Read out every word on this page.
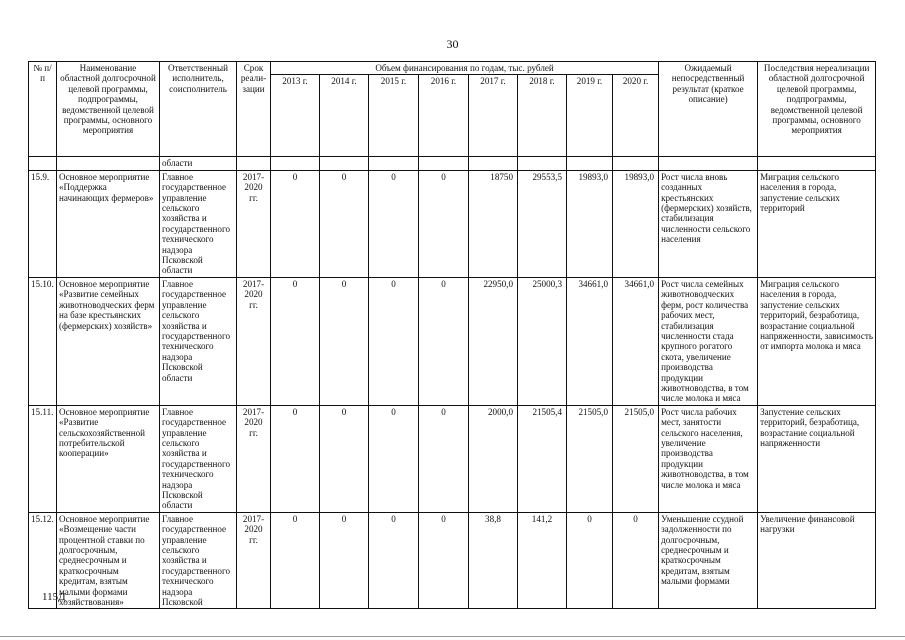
30
№ п/п	Наименование областной долгосрочной целевой программы, подпрограммы, ведомственной целевой программы, основного мероприятия	Ответственный исполнитель, соисполнитель	Срок реали-зации	Объем финансирования по годам, тыс. рублей								Ожидаемый непосредственный результат (краткое описание)	Последствия нереализации областной долгосрочной целевой программы, подпрограммы, ведомственной целевой программы, основного мероприятия
				2013 г.	2014 г.	2015 г.	2016 г.	2017 г.	2018 г.	2019 г.	2020 г.		
		области											
15.9.	Основное мероприятие «Поддержка начинающих фермеров»	Главное государственное управление сельского хозяйства и государственного технического надзора Псковской области	2017-2020 гг.	0	0	0	0	18750	29553,5	19893,0	19893,0	Рост числа вновь созданных крестьянских (фермерских) хозяйств, стабилизация численности сельского населения	Миграция сельского населения в города, запустение сельских территорий
15.10.	Основное мероприятие «Развитие семейных животноводческих ферм на базе крестьянских (фермерских) хозяйств»	Главное государственное управление сельского хозяйства и государственного технического надзора Псковской области	2017-2020 гг.	0	0	0	0	22950,0	25000,3	34661,0	34661,0	Рост числа семейных животноводческих ферм, рост количества рабочих мест, стабилизация численности стада крупного рогатого скота, увеличение производства продукции животноводства, в том числе молока и мяса	Миграция сельского населения в города, запустение сельских территорий, безработица, возрастание социальной напряженности, зависимость от импорта молока и мяса
15.11.	Основное мероприятие «Развитие сельскохозяйственной потребительской кооперации»	Главное государственное управление сельского хозяйства и государственного технического надзора Псковской области	2017-2020 гг.	0	0	0	0	2000,0	21505,4	21505,0	21505,0	Рост числа рабочих мест, занятости сельского населения, увеличение производства продукции животноводства, в том числе молока и мяса	Запустение сельских территорий, безработица, возрастание социальной напряженности
15.12.	Основное мероприятие «Возмещение части процентной ставки по долгосрочным, среднесрочным и краткосрочным кредитам, взятым малыми формами хозяйствования»	Главное государственное управление сельского хозяйства и государственного технического надзора Псковской	2017-2020 гг.	0	0	0	0	38,8	141,2	0	0	Уменьшение ссудной задолженности по долгосрочным, среднесрочным и краткосрочным кредитам, взятым малыми формами	Увеличение финансовой нагрузки
115Д
